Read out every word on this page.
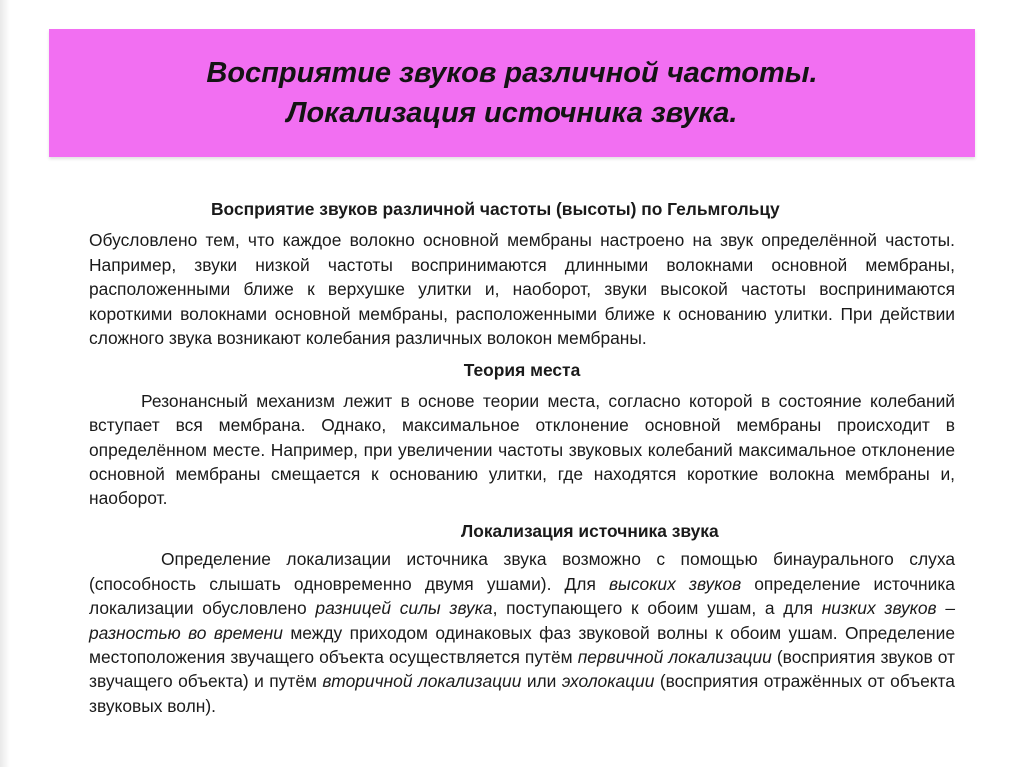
Восприятие звуков различной частоты.
Локализация источника звука.
Восприятие звуков различной частоты (высоты) по Гельмгольцу

Обусловлено тем, что каждое волокно основной мембраны настроено на звук определённой частоты. Например, звуки низкой частоты воспринимаются длинными волокнами основной мембраны, расположенными ближе к верхушке улитки и, наоборот, звуки высокой частоты воспринимаются короткими волокнами основной мембраны, расположенными ближе к основанию улитки. При действии сложного звука возникают колебания различных волокон мембраны.

Теория места

Резонансный механизм лежит в основе теории места, согласно которой в состояние колебаний вступает вся мембрана. Однако, максимальное отклонение основной мембраны происходит в определённом месте. Например, при увеличении частоты звуковых колебаний максимальное отклонение основной мембраны смещается к основанию улитки, где находятся короткие волокна мембраны и, наоборот.

Локализация источника звука

Определение локализации источника звука возможно с помощью бинаурального слуха (способность слышать одновременно двумя ушами). Для высоких звуков определение источника локализации обусловлено разницей силы звука, поступающего к обоим ушам, а для низких звуков – разностью во времени между приходом одинаковых фаз звуковой волны к обоим ушам. Определение местоположения звучащего объекта осуществляется путём первичной локализации (восприятия звуков от звучащего объекта) и путём вторичной локализации или эхолокации (восприятия отражённых от объекта звуковых волн).
